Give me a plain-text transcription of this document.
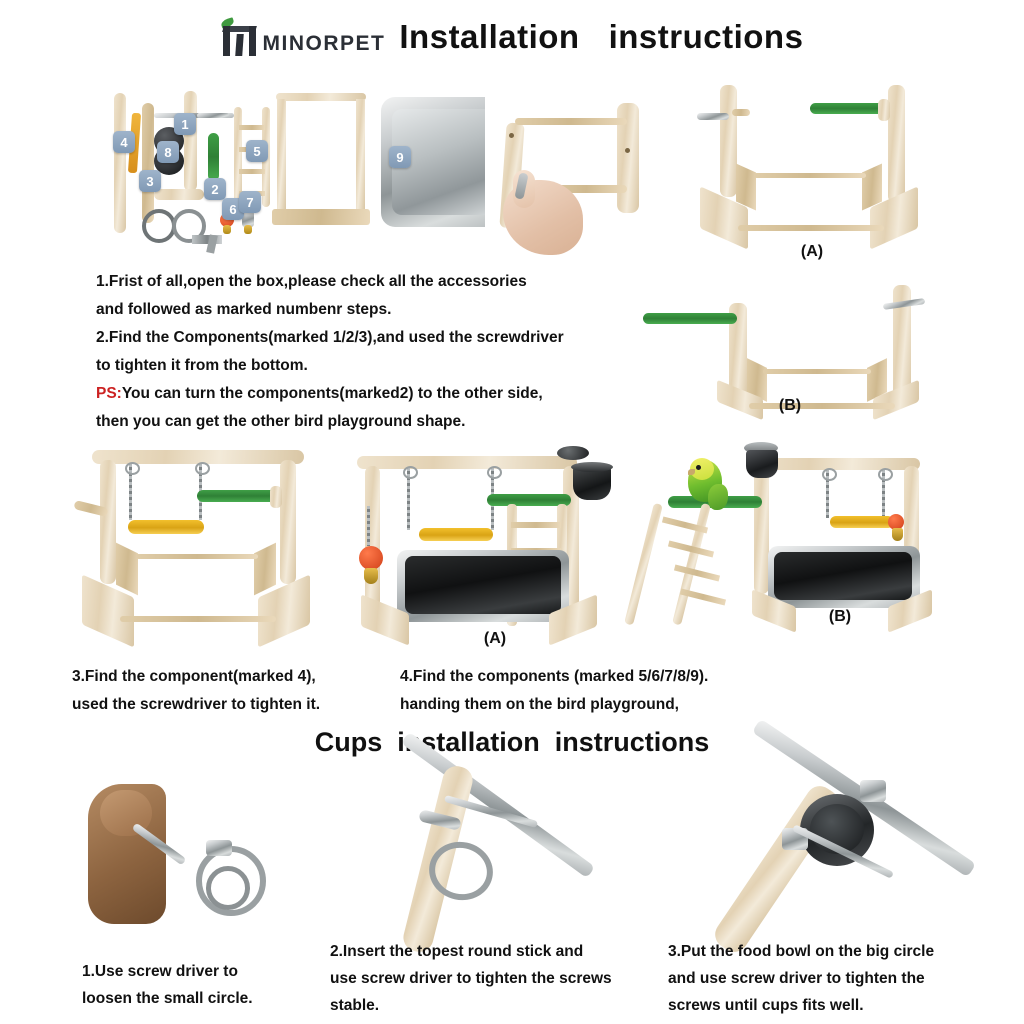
MINORPET Installation   instructions
1
2
3
4
5
6 7
8	9
(A)
(B)
1.Frist of all,open the box,please check all the accessories
and followed as marked numbenr steps.
2.Find the Components(marked 1/2/3),and used the screwdriver
to tighten it from the bottom.
PS:You can turn the components(marked2) to the other side,
then you can get the other bird playground shape.
(A)
(B)
3.Find the component(marked 4),
used the screwdriver to tighten it.
4.Find the components (marked 5/6/7/8/9).
handing them on the bird playground,
Cups  installation  instructions
1.Use screw driver to
loosen the small circle.
2.Insert the topest round stick and
use screw driver to tighten the screws
stable.
3.Put the food bowl on the big circle
and use screw driver to tighten the
screws until cups fits well.
